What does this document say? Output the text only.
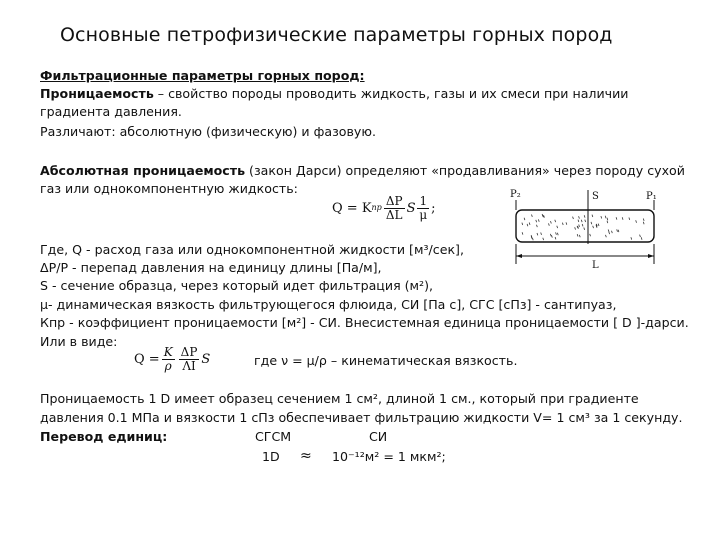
Основные петрофизические параметры горных пород
Фильтрационные параметры горных пород:
Проницаемость – свойство породы проводить жидкость, газы и их смеси при наличии
градиента давления.
Различают: абсолютную (физическую) и фазовую.
Абсолютная проницаемость (закон Дарси) определяют «продавливания» через породу сухой
газ или однокомпонентную жидкость:
Q = K пр $\frac{\Delta P}{\Delta L}$ S $\frac{1}{\mu}$ ;
P₂	S	P₁
L
Где, Q - расход газа или однокомпонентной жидкости [м³/сек],
ΔP/P - перепад давления на единицу длины [Па/м],
S - сечение образца, через который идет фильтрация (м²),
μ- динамическая вязкость фильтрующегося флюида, СИ [Па с], СГС [сПз] - сантипуаз,
Кпр - коэффициент проницаемости [м²] - СИ. Внесистемная единица проницаемости [ D ]-дарси.
Или в виде:
$Q = \frac{K}{\rho} \frac{\Delta P}{\Lambda I}$ S	где ν = μ/ρ – кинематическая вязкость.
Проницаемость 1 D имеет образец сечением 1 см², длиной 1 см., который при градиенте
давления 0.1 МПа и вязкости 1 сПз обеспечивает фильтрацию жидкости V= 1 см³ за 1 секунду.
Перевод единиц:	СГСМ	СИ
1D ≈ 10⁻¹²м² = 1 мкм²;
